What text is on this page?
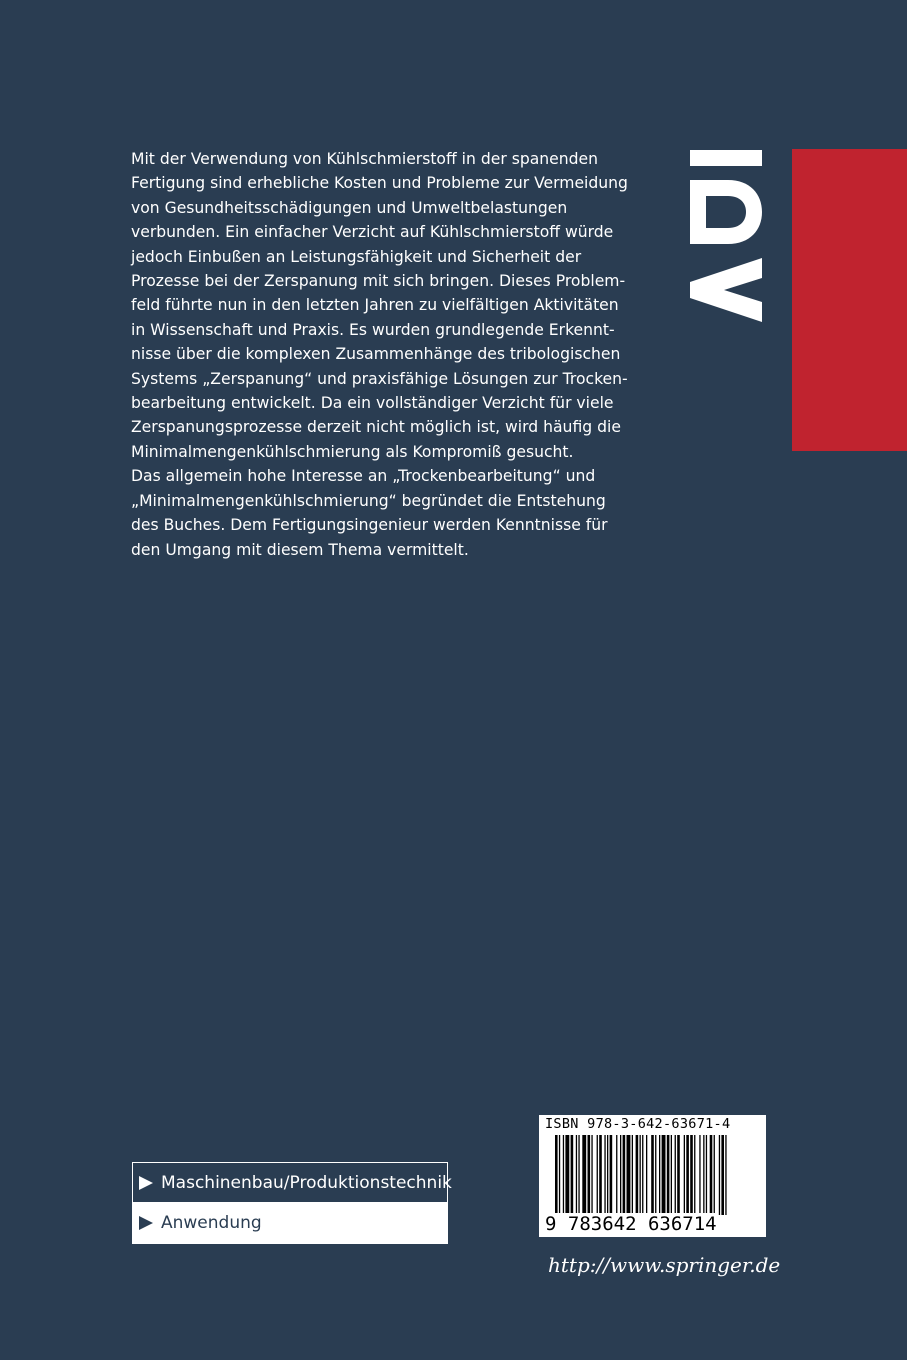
Mit der Verwendung von Kühlschmierstoff in der spanenden
Fertigung sind erhebliche Kosten und Probleme zur Vermeidung
von Gesundheitsschädigungen und Umweltbelastungen
verbunden. Ein einfacher Verzicht auf Kühlschmierstoff würde
jedoch Einbußen an Leistungsfähigkeit und Sicherheit der
Prozesse bei der Zerspanung mit sich bringen. Dieses Problem-
feld führte nun in den letzten Jahren zu vielfältigen Aktivitäten
in Wissenschaft und Praxis. Es wurden grundlegende Erkennt-
nisse über die komplexen Zusammenhänge des tribologischen
Systems „Zerspanung“ und praxisfähige Lösungen zur Trocken-
bearbeitung entwickelt. Da ein vollständiger Verzicht für viele
Zerspanungsprozesse derzeit nicht möglich ist, wird häufig die
Minimalmengenkühlschmierung als Kompromiß gesucht.
Das allgemein hohe Interesse an „Trockenbearbeitung“ und
„Minimalmengenkühlschmierung“ begründet die Entstehung
des Buches. Dem Fertigungsingenieur werden Kenntnisse für
den Umgang mit diesem Thema vermittelt.
Maschinenbau/Produktionstechnik
Anwendung
ISBN 978-3-642-63671-4
9 783642 636714
http://www.springer.de
